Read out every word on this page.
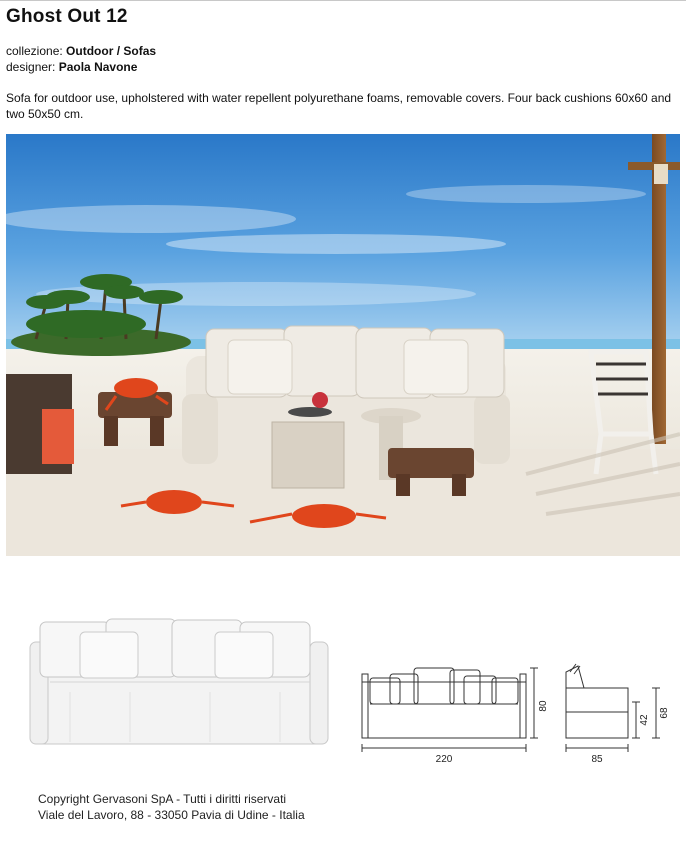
Ghost Out 12
collezione: Outdoor / Sofas
designer: Paola Navone
Sofa for outdoor use, upholstered with water repellent polyurethane foams, removable covers. Four back cushions 60x60 and two 50x50 cm.
220
80
85
42
68
Copyright Gervasoni SpA - Tutti i diritti riservati
Viale del Lavoro, 88 - 33050 Pavia di Udine - Italia
